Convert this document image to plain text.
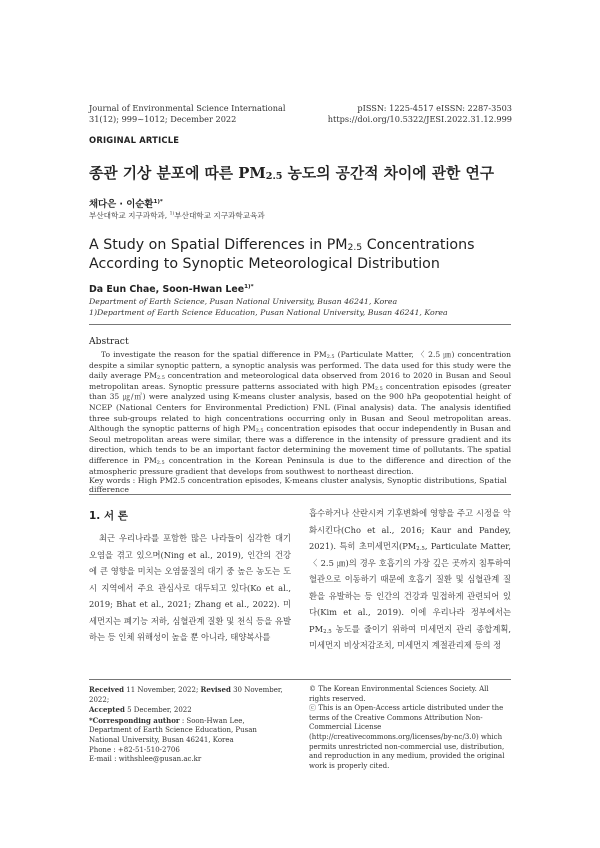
Journal of Environmental Science International
31(12); 999~1012; December 2022
pISSN: 1225-4517 eISSN: 2287-3503
https://doi.org/10.5322/JESI.2022.31.12.999
ORIGINAL ARTICLE
종관 기상 분포에 따른 $PM_{2.5}$ 농도의 공간적 차이에 관한 연구
채다은 · 이순환$^{1)*}$
부산대학교 지구과학과, $^{1)}$부산대학교 지구과학교육과
A Study on Spatial Differences in $PM_{2.5}$ Concentrations According to Synoptic Meteorological Distribution
Da Eun Chae, Soon-Hwan Lee$^{1)*}$
Department of Earth Science, Pusan National University, Busan 46241, Korea
1)Department of Earth Science Education, Pusan National University, Busan 46241, Korea
Abstract
To investigate the reason for the spatial difference in $PM_{2.5}$ (Particulate Matter, 〈 2.5 ㎛) concentration despite a similar synoptic pattern, a synoptic analysis was performed. The data used for this study were the daily average $PM_{2.5}$ concentration and meteorological data observed from 2016 to 2020 in Busan and Seoul metropolitan areas. Synoptic pressure patterns associated with high $PM_{2.5}$ concentration episodes (greater than 35 ㎍/㎥) were analyzed using K-means cluster analysis, based on the 900 hPa geopotential height of NCEP (National Centers for Environmental Prediction) FNL (Final analysis) data. The analysis identified three sub-groups related to high concentrations occurring only in Busan and Seoul metropolitan areas. Although the synoptic patterns of high $PM_{2.5}$ concentration episodes that occur independently in Busan and Seoul metropolitan areas were similar, there was a difference in the intensity of pressure gradient and its direction, which tends to be an important factor determining the movement time of pollutants. The spatial difference in $PM_{2.5}$ concentration in the Korean Peninsula is due to the difference and direction of the atmospheric pressure gradient that develops from southwest to northeast direction.
Key words : High PM2.5 concentration episodes, K-means cluster analysis, Synoptic distributions, Spatial difference
1. 서 론
최근 우리나라를 포함한 많은 나라들이 심각한 대기오염을 겪고 있으며(Ning et al., 2019), 인간의 건강에 큰 영향을 미치는 오염물질의 대기 중 높은 농도는 도시 지역에서 주요 관심사로 대두되고 있다(Ko et al., 2019; Bhat et al., 2021; Zhang et al., 2022). 미세먼지는 폐기능 저하, 심혈관계 질환 및 천식 등을 유발하는 등 인체 위해성이 높을 뿐 아니라, 태양복사를
흡수하거나 산란시켜 기후변화에 영향을 주고 시정을 악화시킨다(Cho et al., 2016; Kaur and Pandey, 2021). 특히 초미세먼지($PM_{2.5}$, Particulate Matter, 〈 2.5 ㎛)의 경우 호흡기의 가장 깊은 곳까지 침투하여 혈관으로 이동하기 때문에 호흡기 질환 및 심혈관계 질환을 유발하는 등 인간의 건강과 밀접하게 관련되어 있다(Kim et al., 2019). 이에 우리나라 정부에서는 $PM_{2.5}$ 농도를 줄이기 위하여 미세먼지 관리 종합계획, 미세먼지 비상저감조치, 미세먼지 계절관리제 등의 정
Received 11 November, 2022; Revised 30 November, 2022;
Accepted 5 December, 2022
*Corresponding author : Soon-Hwan Lee, Department of Earth Science Education, Pusan National University, Busan 46241, Korea
Phone : +82-51-510-2706
E-mail : withshlee@pusan.ac.kr
© The Korean Environmental Sciences Society. All rights reserved.
ⓒ This is an Open-Access article distributed under the terms of the Creative Commons Attribution Non-Commercial License (http://creativecommons.org/licenses/by-nc/3.0) which permits unrestricted non-commercial use, distribution, and reproduction in any medium, provided the original work is properly cited.
